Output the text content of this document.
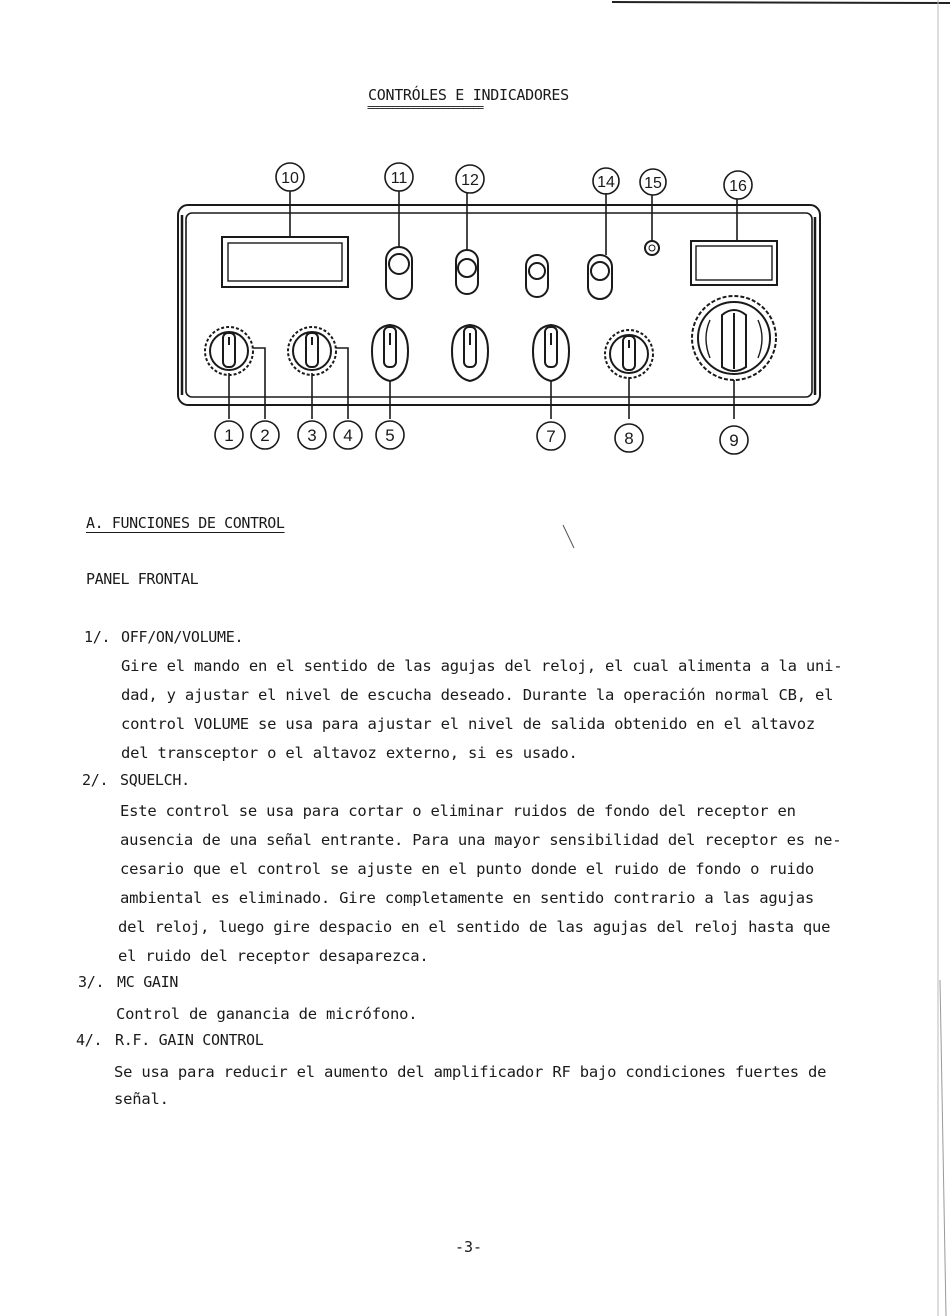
CONTRÓLES E INDICADORES
=======================
10	11	12	14 15	16
1 2 3 4 5	7	8	9
A. FUNCIONES DE CONTROL
PANEL FRONTAL
1/. OFF/ON/VOLUME.
Gire el mando en el sentido de las agujas del reloj, el cual alimenta a la uni-
dad, y ajustar el nivel de escucha deseado. Durante la operación normal CB, el
control VOLUME se usa para ajustar el nivel de salida obtenido en el altavoz
del transceptor o el altavoz externo, si es usado.
2/. SQUELCH.
Este control se usa para cortar o eliminar ruidos de fondo del receptor en
ausencia de una señal entrante. Para una mayor sensibilidad del receptor es ne-
cesario que el control se ajuste en el punto donde el ruido de fondo o ruido
ambiental es eliminado. Gire completamente en sentido contrario a las agujas
del reloj, luego gire despacio en el sentido de las agujas del reloj hasta que
el ruido del receptor desaparezca.
3/. MC GAIN
Control de ganancia de micrófono.
4/. R.F. GAIN CONTROL
Se usa para reducir el aumento del amplificador RF bajo condiciones fuertes de
señal.
-3-
